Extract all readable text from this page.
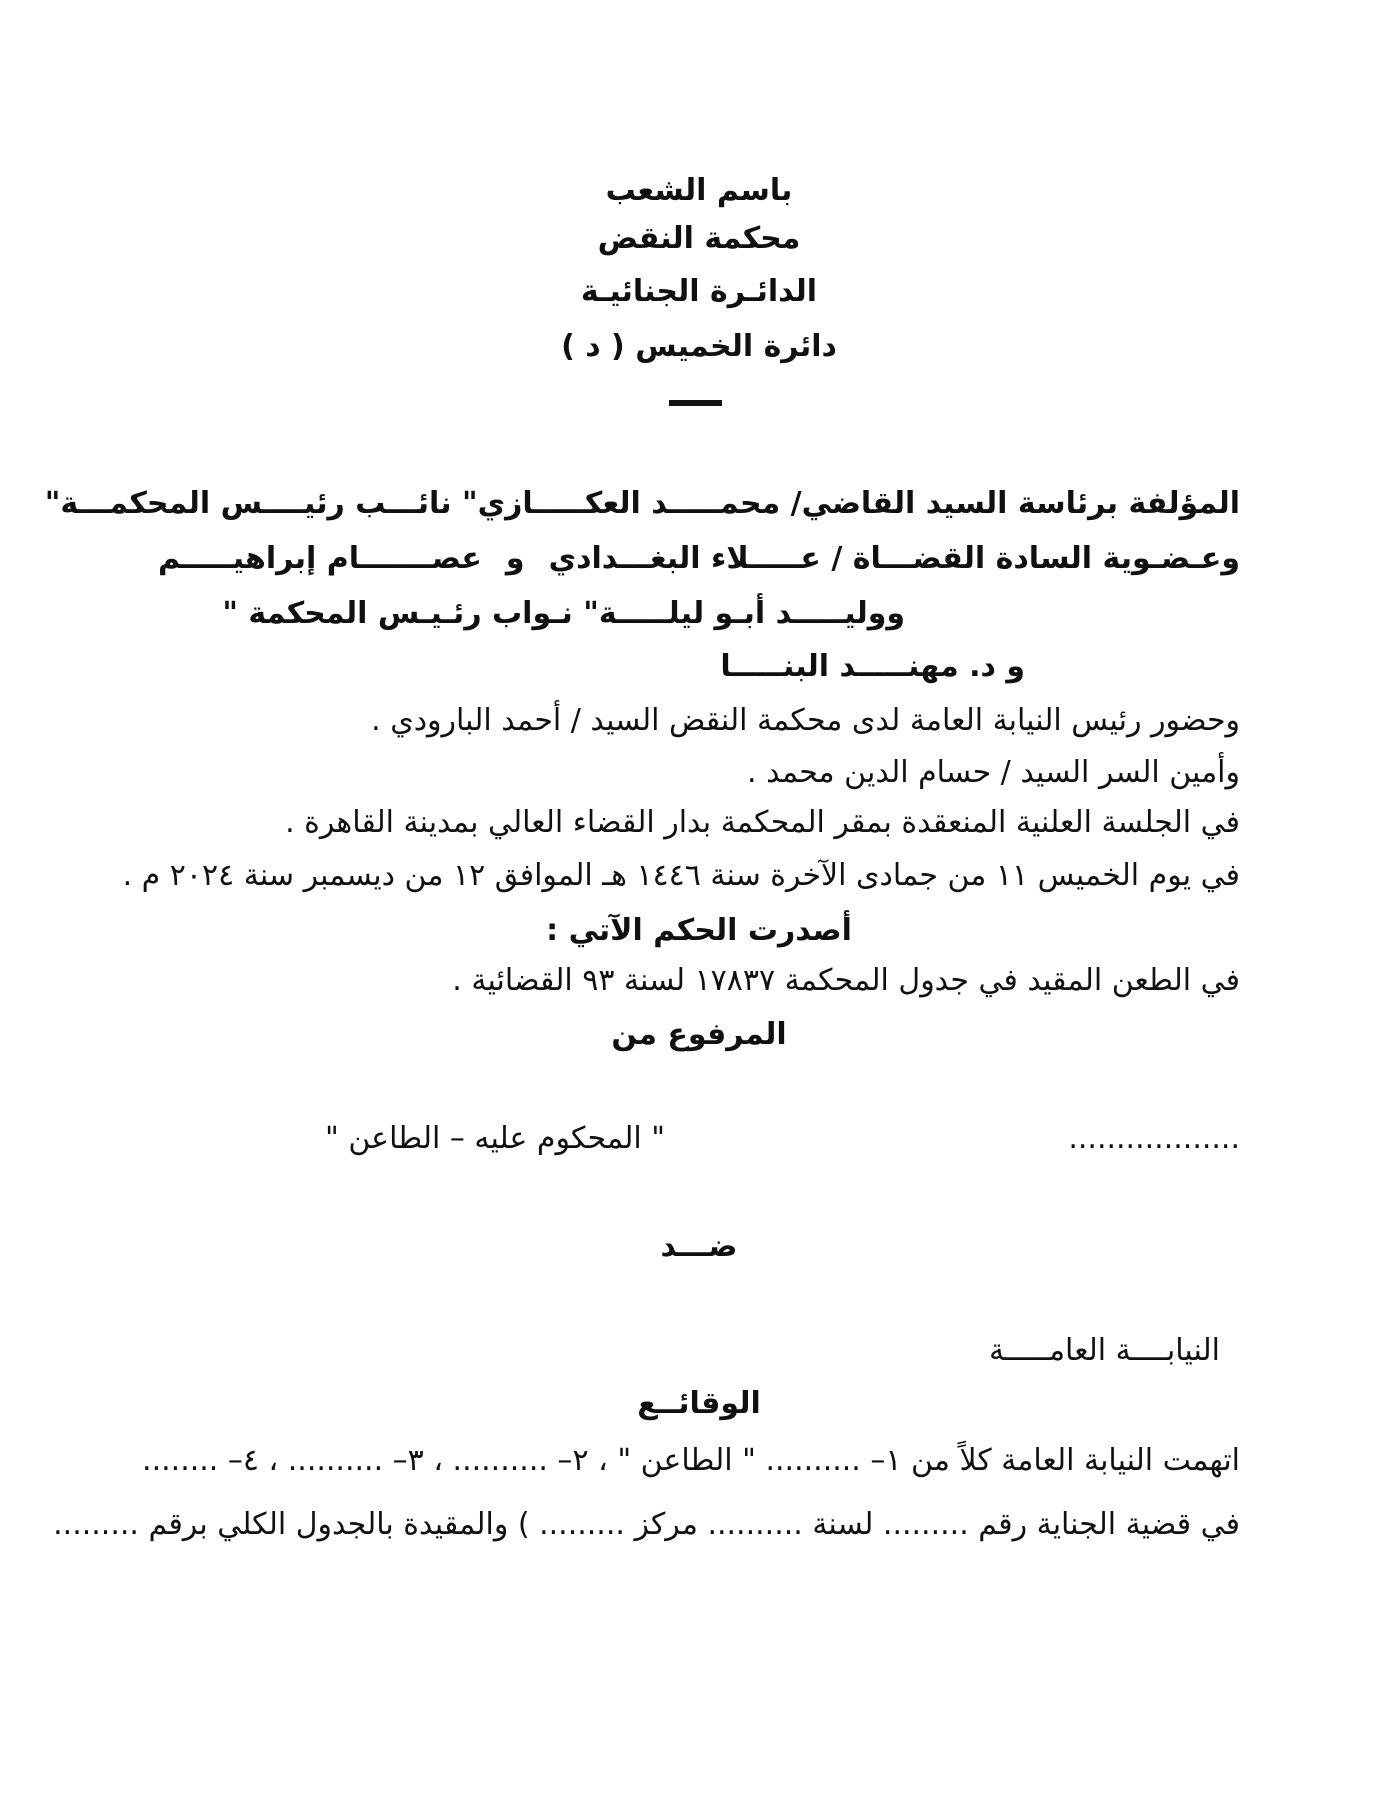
باسم الشعب
محكمة النقض
الدائـرة الجنائيـة
دائرة الخميس ( د )
المؤلفة برئاسة السيد القاضي/ محمـــــد العكـــــازي
" نائـــب رئيــــس المحكمـــة"
وعـضـوية السادة القضـــاة / عـــــلاء البغـــدادي
و
عصـــــــام إبراهيـــــم
ووليـــــد أبـو ليلـــــة
" نـواب رئـيـس المحكمة "
و د. مهنـــــد البنـــــا
وحضور رئيس النيابة العامة لدى محكمة النقض السيد / أحمد البارودي .
وأمين السر السيد / حسام الدين محمد .
في الجلسة العلنية المنعقدة بمقر المحكمة بدار القضاء العالي بمدينة القاهرة .
في يوم الخميس ١١ من جمادى الآخرة سنة ١٤٤٦ هـ الموافق ١٢ من ديسمبر سنة ٢٠٢٤ م .
أصدرت الحكم الآتي :
في الطعن المقيد في جدول المحكمة ١٧٨٣٧ لسنة ٩٣ القضائية .
المرفوع من
..................
" المحكوم عليه – الطاعن "
ضـــد
النيابــــة العامـــــة
الوقائــع
اتهمت النيابة العامة كلاً من ١– .......... " الطاعن " ، ٢– .......... ، ٣– .......... ، ٤– ........
في قضية الجناية رقم ......... لسنة .......... مركز ......... ) والمقيدة بالجدول الكلي برقم .........
